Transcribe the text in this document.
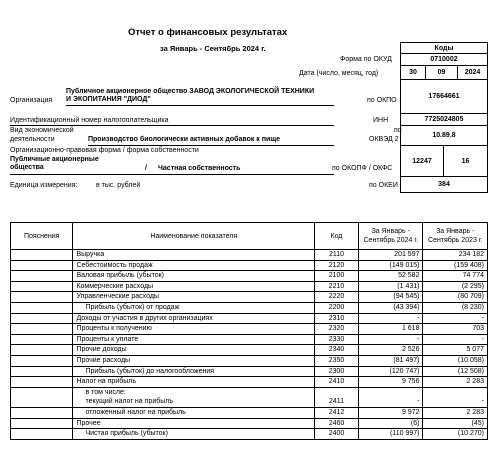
Отчет о финансовых результатах
за Январь - Сентябрь 2024 г.	Коды
Форма по ОКУД	0710002
Дата (число, месяц, год)	30	09	2024
по ОКПО
17664661
ИНН	7725024805
по
ОКВЭД 2
10.89.8
по ОКОПФ / ОКФС
12247	16
по ОКЕИ	384
Организация
Публичное акционерное общество ЗАВОД ЭКОЛОГИЧЕСКОЙ ТЕХНИКИ
И ЭКОПИТАНИЯ "ДИОД"
Идентификационный номер налогоплательщика
Вид экономической
деятельности	Производство биологически активных добавок к пище
Организационно-правовая форма / форма собственности
Публичные акционерные
общества	/ Частная собственность
Единица измерения:	в тыс. рублей
Пояснения	Наименование показателя	Код	За Январь - Сентябрь 2024 г.	За Январь - Сентябрь 2023 г.
	Выручка	2110	201 597	234 182
	Себестоимость продаж	2120	(149 015)	(159 408)
	Валовая прибыль (убыток)	2100	52 582	74 774
	Коммерческие расходы	2210	(1 431)	(2 295)
	Управленческие расходы	2220	(94 545)	(80 709)
	Прибыль (убыток) от продаж	2200	(43 394)	(8 230)
	Доходы от участия в других организациях	2310	-	-
	Проценты к получению	2320	1 618	703
	Проценты к уплате	2330	-	-
	Прочие доходы	2340	2 526	5 077
	Прочие расходы	2350	(81 497)	(10 058)
	Прибыль (убыток) до налогообложения	2300	(120 747)	(12 508)
	Налог на прибыль	2410	9 756	2 283

	в том числе:
текущий налог на прибыль	2411	-	-
	отложенный налог на прибыль	2412	9 972	2 283
	Прочее	2460	(6)	(45)
	Чистая прибыль (убыток)	2400	(110 997)	(10 270)
